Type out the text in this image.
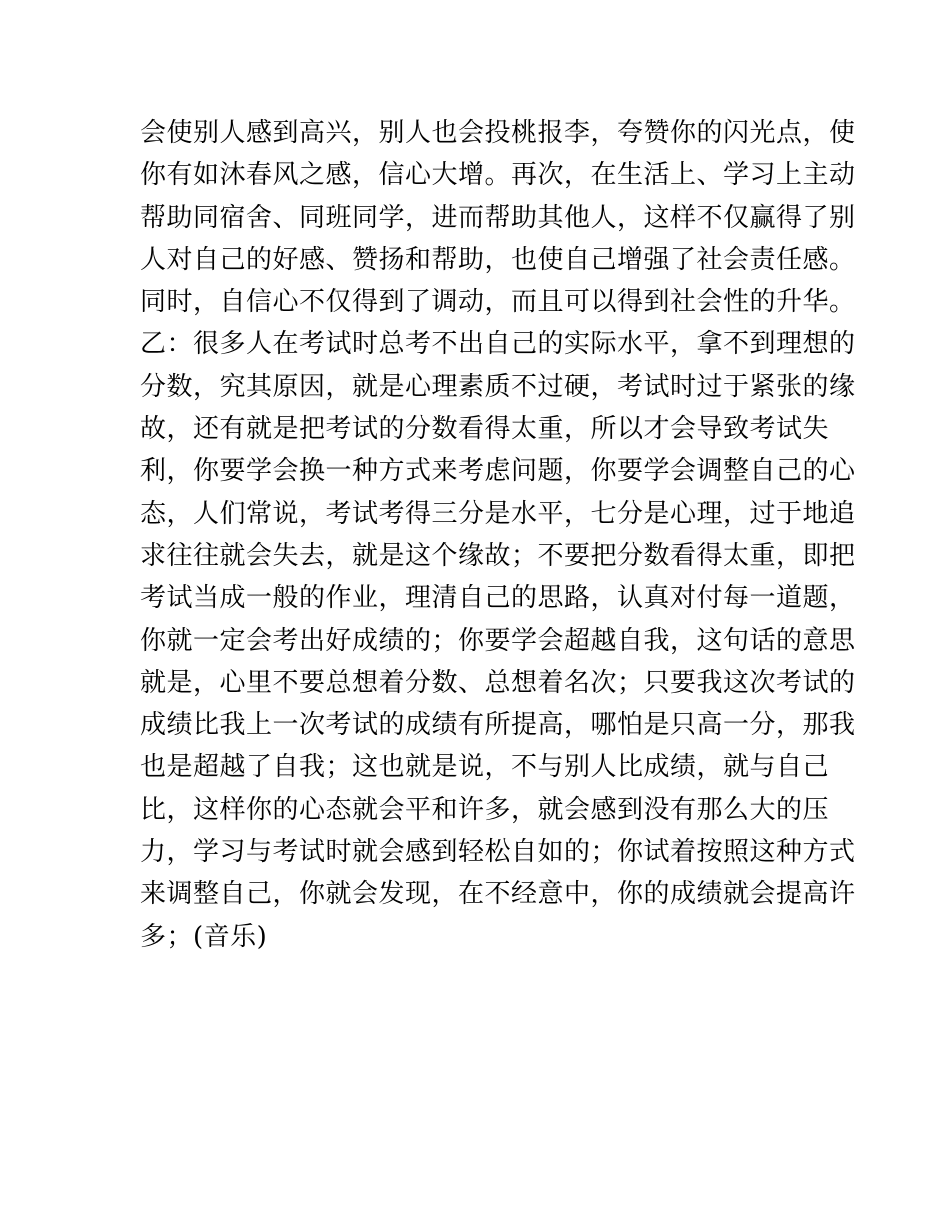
会使别人感到高兴，别人也会投桃报李，夸赞你的闪光点，使
你有如沐春风之感，信心大增。再次，在生活上、学习上主动
帮助同宿舍、同班同学，进而帮助其他人，这样不仅赢得了别
人对自己的好感、赞扬和帮助，也使自己增强了社会责任感。
同时，自信心不仅得到了调动，而且可以得到社会性的升华。
乙：很多人在考试时总考不出自己的实际水平，拿不到理想的
分数，究其原因，就是心理素质不过硬，考试时过于紧张的缘
故，还有就是把考试的分数看得太重，所以才会导致考试失
利，你要学会换一种方式来考虑问题，你要学会调整自己的心
态，人们常说，考试考得三分是水平，七分是心理，过于地追
求往往就会失去，就是这个缘故；不要把分数看得太重，即把
考试当成一般的作业，理清自己的思路，认真对付每一道题，
你就一定会考出好成绩的；你要学会超越自我，这句话的意思
就是，心里不要总想着分数、总想着名次；只要我这次考试的
成绩比我上一次考试的成绩有所提高，哪怕是只高一分，那我
也是超越了自我；这也就是说，不与别人比成绩，就与自己
比，这样你的心态就会平和许多，就会感到没有那么大的压
力，学习与考试时就会感到轻松自如的；你试着按照这种方式
来调整自己，你就会发现，在不经意中，你的成绩就会提高许
多；(音乐)
